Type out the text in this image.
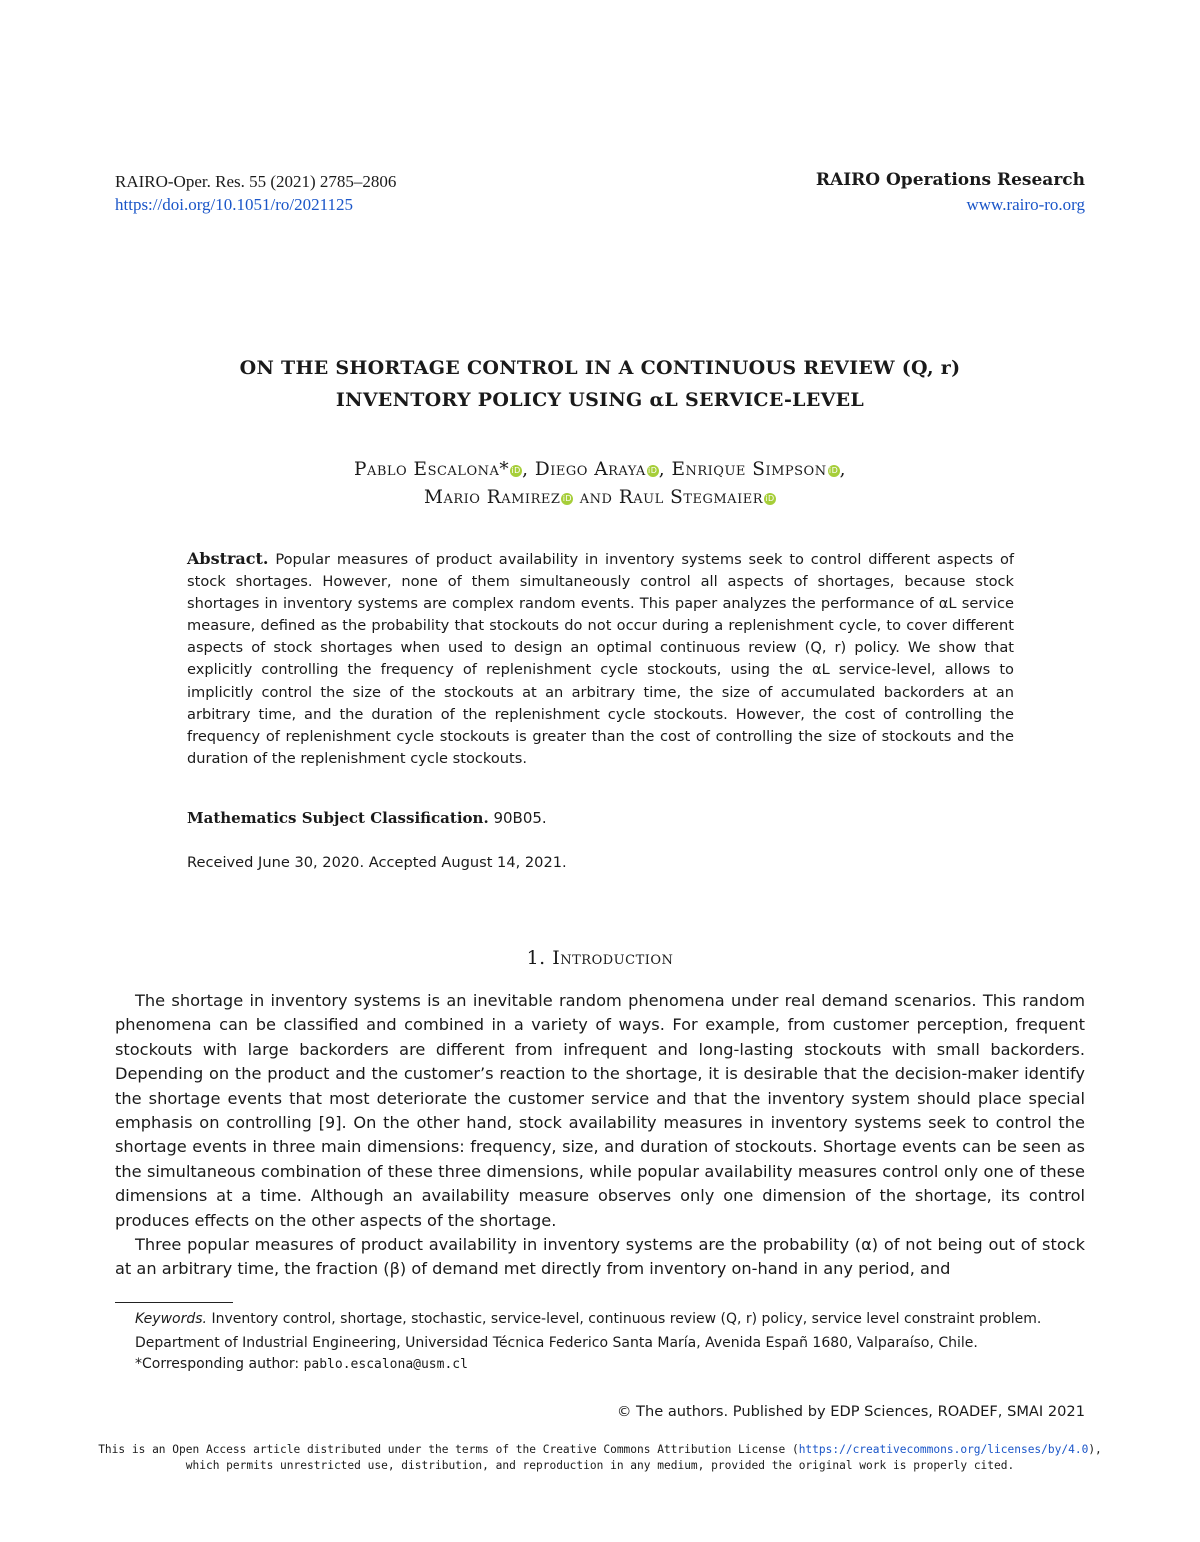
RAIRO-Oper. Res. 55 (2021) 2785–2806
https://doi.org/10.1051/ro/2021125
RAIRO Operations Research
www.rairo-ro.org
ON THE SHORTAGE CONTROL IN A CONTINUOUS REVIEW (Q, r)
INVENTORY POLICY USING αL SERVICE-LEVEL
Pablo Escalona* iD, Diego Araya iD, Enrique Simpson iD,
Mario Ramirez iD and Raul Stegmaier iD
Abstract. Popular measures of product availability in inventory systems seek to control different aspects of stock shortages. However, none of them simultaneously control all aspects of shortages, because stock shortages in inventory systems are complex random events. This paper analyzes the performance of αL service measure, defined as the probability that stockouts do not occur during a replenishment cycle, to cover different aspects of stock shortages when used to design an optimal continuous review (Q, r) policy. We show that explicitly controlling the frequency of replenishment cycle stockouts, using the αL service-level, allows to implicitly control the size of the stockouts at an arbitrary time, the size of accumulated backorders at an arbitrary time, and the duration of the replenishment cycle stockouts. However, the cost of controlling the frequency of replenishment cycle stockouts is greater than the cost of controlling the size of stockouts and the duration of the replenishment cycle stockouts.
Mathematics Subject Classification. 90B05.
Received June 30, 2020. Accepted August 14, 2021.
1. Introduction

The shortage in inventory systems is an inevitable random phenomena under real demand scenarios. This random phenomena can be classified and combined in a variety of ways. For example, from customer perception, frequent stockouts with large backorders are different from infrequent and long-lasting stockouts with small backorders. Depending on the product and the customer’s reaction to the shortage, it is desirable that the decision-maker identify the shortage events that most deteriorate the customer service and that the inventory system should place special emphasis on controlling [9]. On the other hand, stock availability measures in inventory systems seek to control the shortage events in three main dimensions: frequency, size, and duration of stockouts. Shortage events can be seen as the simultaneous combination of these three dimensions, while popular availability measures control only one of these dimensions at a time. Although an availability measure observes only one dimension of the shortage, its control produces effects on the other aspects of the shortage.

Three popular measures of product availability in inventory systems are the probability (α) of not being out of stock at an arbitrary time, the fraction (β) of demand met directly from inventory on-hand in any period, and

Keywords. Inventory control, shortage, stochastic, service-level, continuous review (Q, r) policy, service level constraint problem.
Department of Industrial Engineering, Universidad Técnica Federico Santa María, Avenida Españ 1680, Valparaíso, Chile.
*Corresponding author: pablo.escalona@usm.cl
© The authors. Published by EDP Sciences, ROADEF, SMAI 2021
This is an Open Access article distributed under the terms of the Creative Commons Attribution License (https://creativecommons.org/licenses/by/4.0),
which permits unrestricted use, distribution, and reproduction in any medium, provided the original work is properly cited.
